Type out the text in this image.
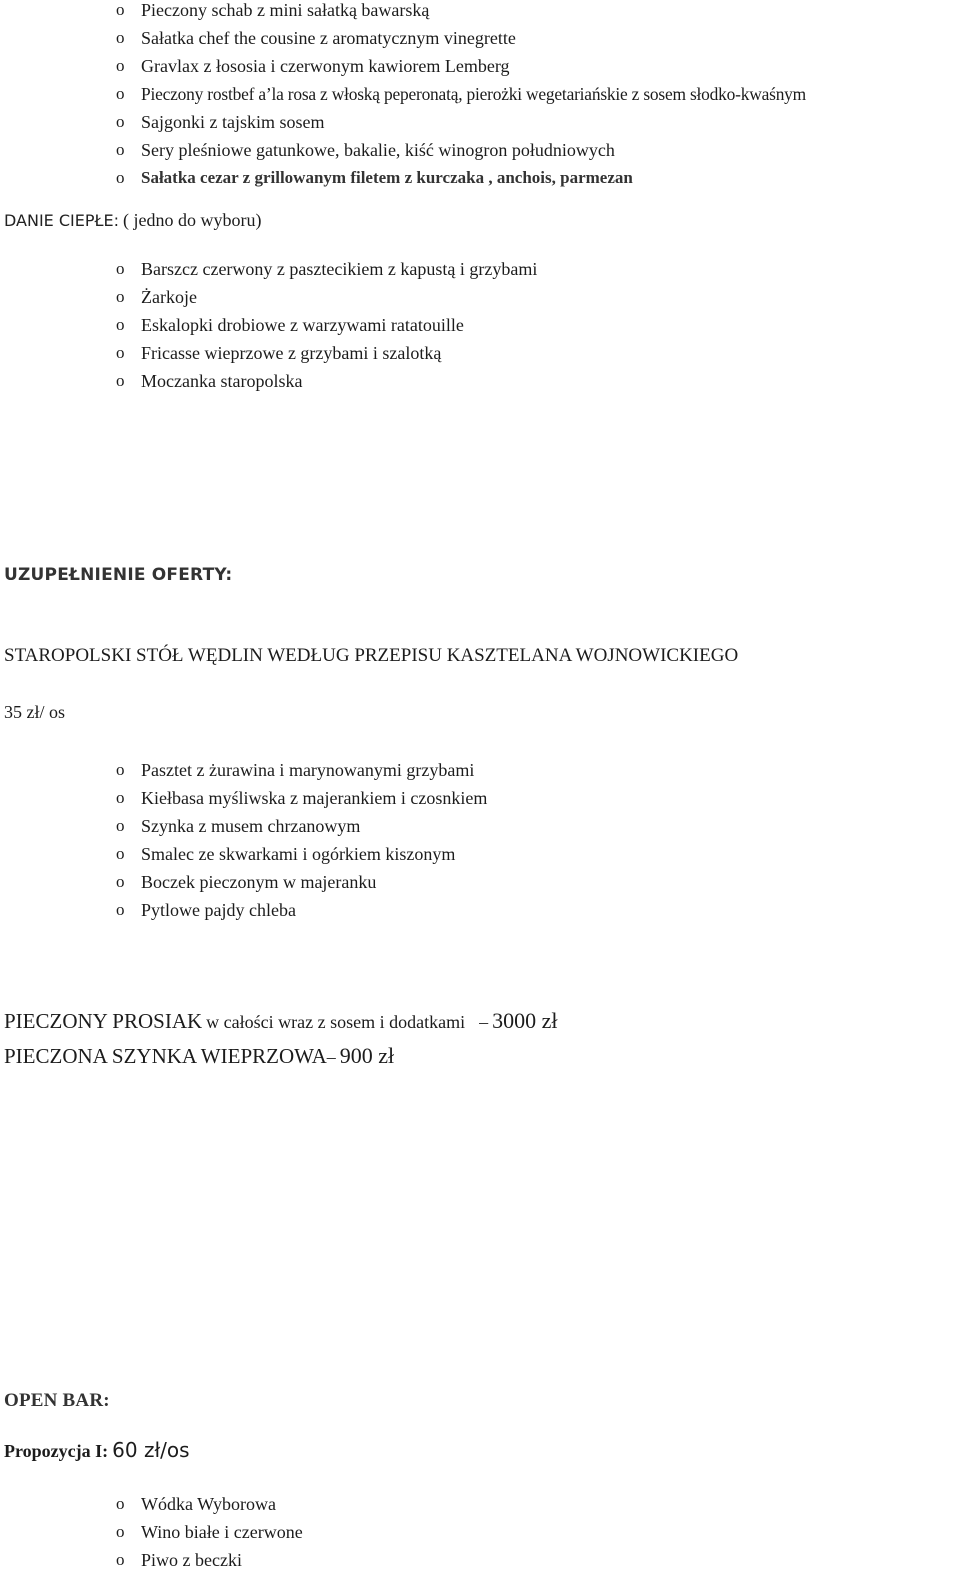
o Pieczony schab z mini sałatką bawarską
o Sałatka chef the cousine z aromatycznym vinegrette
o Gravlax z łososia i czerwonym kawiorem Lemberg
o Pieczony rostbef a’la rosa z włoską peperonatą, pierożki wegetariańskie z sosem słodko-kwaśnym
o Sajgonki z tajskim sosem
o Sery pleśniowe gatunkowe, bakalie, kiść winogron południowych
o Sałatka cezar z grillowanym filetem z kurczaka , anchois, parmezan
DANIE CIEPŁE: ( jedno do wyboru)
o Barszcz czerwony z pasztecikiem z kapustą i grzybami
o Żarkoje
o Eskalopki drobiowe z warzywami ratatouille
o Fricasse wieprzowe z grzybami i szalotką
o Moczanka staropolska
UZUPEŁNIENIE OFERTY:
STAROPOLSKI STÓŁ WĘDLIN WEDŁUG PRZEPISU KASZTELANA WOJNOWICKIEGO
35 zł/ os
o Pasztet z żurawina i marynowanymi grzybami
o Kiełbasa myśliwska z majerankiem i czosnkiem
o Szynka z musem chrzanowym
o Smalec ze skwarkami i ogórkiem kiszonym
o Boczek pieczonym w majeranku
o Pytlowe pajdy chleba
PIECZONY PROSIAK w całości wraz z sosem i dodatkami – 3000 zł
PIECZONA SZYNKA WIEPRZOWA– 900 zł
OPEN BAR:
Propozycja I: 60 zł/os
o Wódka Wyborowa
o Wino białe i czerwone
o Piwo z beczki
